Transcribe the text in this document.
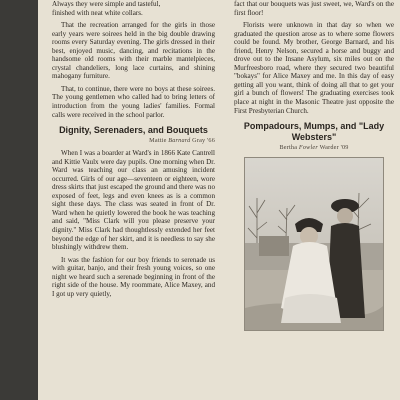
Always they were simple and tasteful,

finished with neat white collars.

That the recreation arranged for the girls in those early years were soirees held in the big double drawing rooms every Saturday evening. The girls dressed in their best, enjoyed music, dancing, and recitations in the handsome old rooms with their marble mantelpieces, crystal chandeliers, long lace curtains, and shining mahogany furniture.

That, to continue, there were no boys at these soirees. The young gentlemen who called had to bring letters of introduction from the young ladies' families. Formal calls were received in the school parlor.

Dignity, Serenaders, and Bouquets
Mattie Barnard Gray '66

When I was a boarder at Ward's in 1866 Kate Cantrell and Kittie Vaulx were day pupils. One morning when Dr. Ward was teaching our class an amusing incident occurred. Girls of our age—seventeen or eighteen, wore dress skirts that just escaped the ground and there was no exposed of feet, legs and even knees as is a common sight these days. The class was seated in front of Dr. Ward when he quietly lowered the book he was teaching and said, "Miss Clark will you please preserve your dignity." Miss Clark had thoughtlessly extended her feet beyond the edge of her skirt, and it is needless to say she blushingly withdrew them.

It was the fashion for our boy friends to serenade us with guitar, banjo, and their fresh young voices, so one night we heard such a serenade beginning in front of the right side of the house. My roommate, Alice Maxey, and I got up very quietly,

fact that our bouquets was just sweet, we, Ward's on the first floor!

Florists were unknown in that day so when we graduated the question arose as to where some flowers could be found. My brother, George Barnard, and his friend, Henry Nelson, secured a horse and buggy and drove out to the Insane Asylum, six miles out on the Murfreesboro road, where they secured two beautiful "bokays" for Alice Maxey and me. In this day of easy getting all you want, think of doing all that to get your girl a bunch of flowers! The graduating exercises took place at night in the Masonic Theatre just opposite the First Presbyterian Church.

Pompadours, Mumps, and "Lady
Websters"
Bertha Fowler Warder '09
